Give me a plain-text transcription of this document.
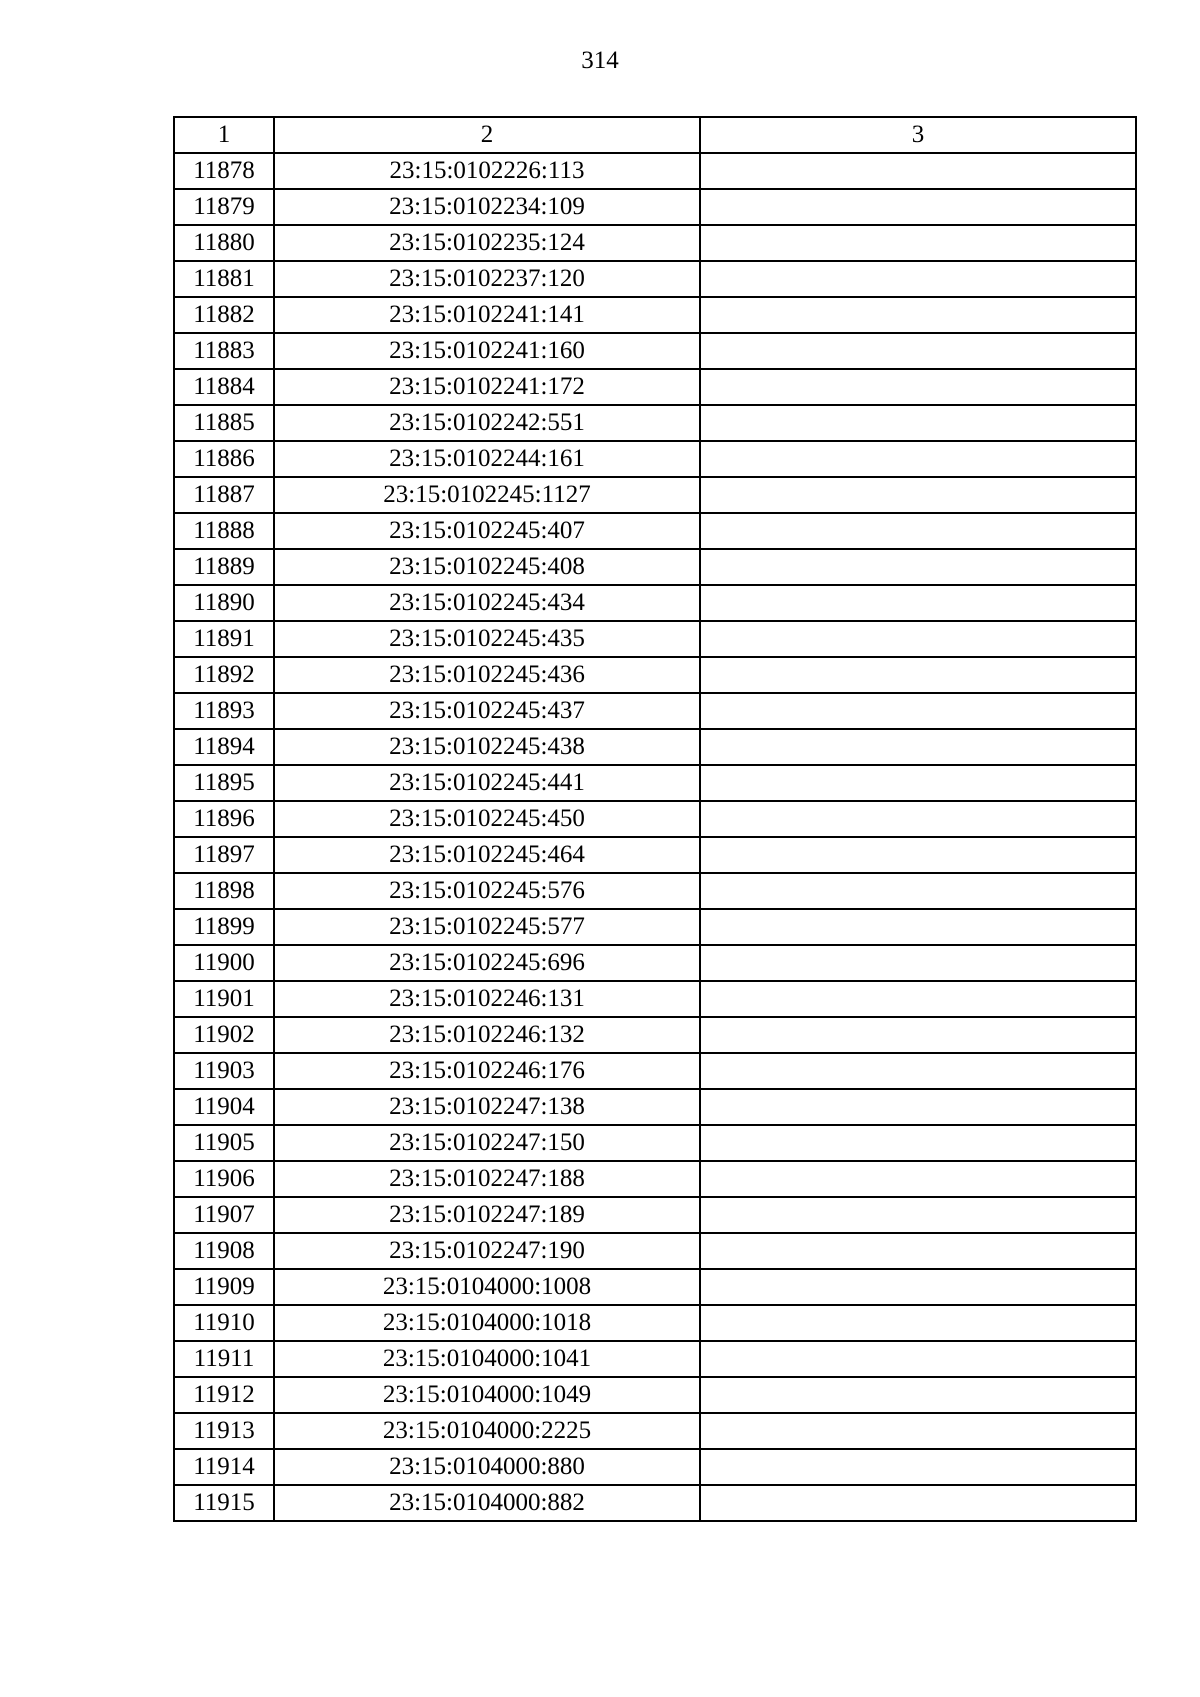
314
1	2	3
11878	23:15:0102226:113	
11879	23:15:0102234:109	
11880	23:15:0102235:124	
11881	23:15:0102237:120	
11882	23:15:0102241:141	
11883	23:15:0102241:160	
11884	23:15:0102241:172	
11885	23:15:0102242:551	
11886	23:15:0102244:161	
11887	23:15:0102245:1127	
11888	23:15:0102245:407	
11889	23:15:0102245:408	
11890	23:15:0102245:434	
11891	23:15:0102245:435	
11892	23:15:0102245:436	
11893	23:15:0102245:437	
11894	23:15:0102245:438	
11895	23:15:0102245:441	
11896	23:15:0102245:450	
11897	23:15:0102245:464	
11898	23:15:0102245:576	
11899	23:15:0102245:577	
11900	23:15:0102245:696	
11901	23:15:0102246:131	
11902	23:15:0102246:132	
11903	23:15:0102246:176	
11904	23:15:0102247:138	
11905	23:15:0102247:150	
11906	23:15:0102247:188	
11907	23:15:0102247:189	
11908	23:15:0102247:190	
11909	23:15:0104000:1008	
11910	23:15:0104000:1018	
11911	23:15:0104000:1041	
11912	23:15:0104000:1049	
11913	23:15:0104000:2225	
11914	23:15:0104000:880	
11915	23:15:0104000:882	
